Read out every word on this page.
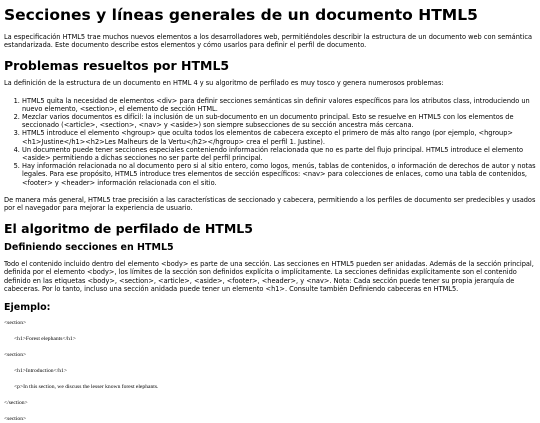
Secciones y líneas generales de un documento HTML5

La especificación HTML5 trae muchos nuevos elementos a los desarrolladores web, permitiéndoles describir la estructura de un documento web con semántica estandarizada. Este documento describe estos elementos y cómo usarlos para definir el perfil de documento.

Problemas resueltos por HTML5

La definición de la estructura de un documento en HTML 4 y su algoritmo de perfilado es muy tosco y genera numerosos problemas:

1. HTML5 quita la necesidad de elementos <div> para definir secciones semánticas sin definir valores específicos para los atributos class, introduciendo un nuevo elemento, <section>, el elemento de sección HTML.
2. Mezclar varios documentos es difícil: la inclusión de un sub-documento en un documento principal. Esto se resuelve en HTML5 con los elementos de seccionado (<article>, <section>, <nav> y <aside>) son siempre subsecciones de su sección ancestra más cercana.
3. HTML5 introduce el elemento <hgroup> que oculta todos los elementos de cabecera excepto el primero de más alto rango (por ejemplo, <hgroup><h1>Justine</h1><h2>Les Malheurs de la Vertu</h2></hgroup> crea el perfil 1. Justine).
4. Un documento puede tener secciones especiales conteniendo información relacionada que no es parte del flujo principal. HTML5 introduce el elemento <aside> permitiendo a dichas secciones no ser parte del perfil principal.
5. Hay información relacionada no al documento pero si al sitio entero, como logos, menús, tablas de contenidos, o información de derechos de autor y notas legales. Para ese propósito, HTML5 introduce tres elementos de sección específicos: <nav> para colecciones de enlaces, como una tabla de contenidos, <footer> y <header> información relacionada con el sitio.

De manera más general, HTML5 trae precisión a las características de seccionado y cabecera, permitiendo a los perfiles de documento ser predecibles y usados por el navegador para mejorar la experiencia de usuario.

El algoritmo de perfilado de HTML5
Definiendo secciones en HTML5

Todo el contenido incluido dentro del elemento <body> es parte de una sección. Las secciones en HTML5 pueden ser anidadas. Además de la sección principal, definida por el elemento <body>, los límites de la sección son definidos explícita o implícitamente. La secciones definidas explícitamente son el contenido definido en las etiquetas <body>, <section>, <article>, <aside>, <footer>, <header>, y <nav>. Nota: Cada sección puede tener su propia jerarquía de cabeceras. Por lo tanto, incluso una sección anidada puede tener un elemento <h1>. Consulte también Definiendo cabeceras en HTML5.

Ejemplo:

<section>

<h1>Forest elephants</h1>

<section>

<h1>Introduction</h1>

<p>In this section, we discuss the lesser known forest elephants.

</section>

<section>
